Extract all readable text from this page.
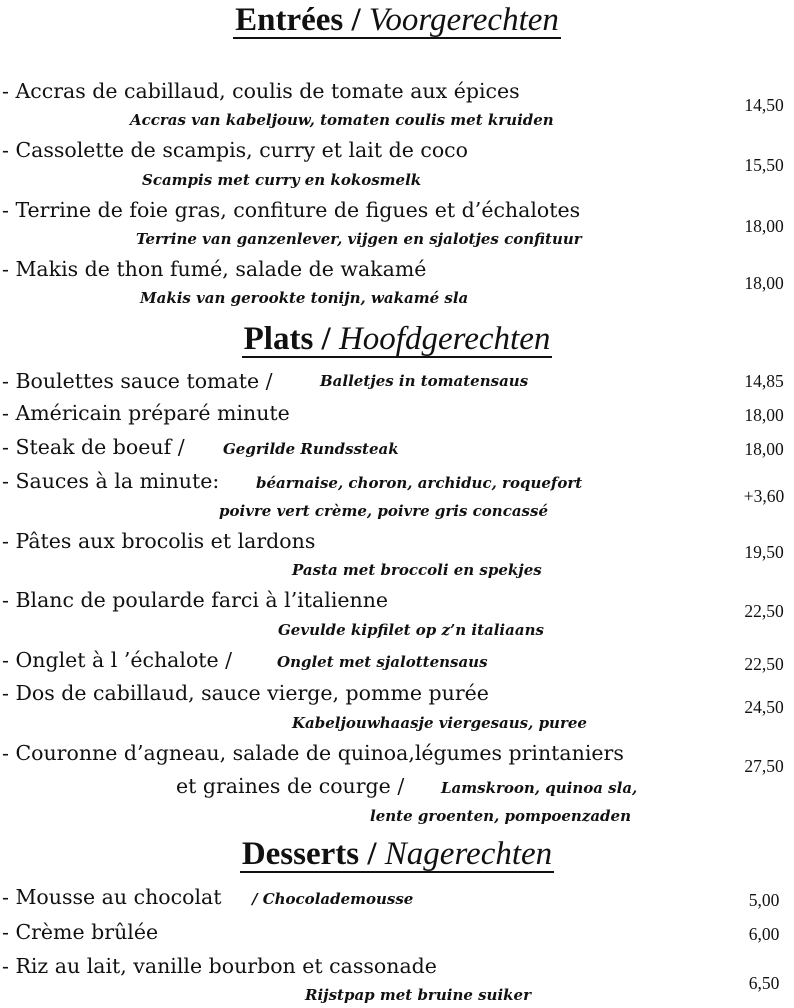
Entrées / Voorgerechten
Plats / Hoofdgerechten
Desserts / Nagerechten
- Accras de cabillaud, coulis de tomate aux épices
Accras van kabeljouw, tomaten coulis met kruiden
14,50
- Cassolette de scampis, curry et lait de coco
Scampis met curry en kokosmelk
15,50
- Terrine de foie gras, confiture de figues et d’échalotes
Terrine van ganzenlever, vijgen en sjalotjes confituur
18,00
- Makis de thon fumé, salade de wakamé
Makis van gerookte tonijn, wakamé sla
18,00
- Boulettes sauce tomate /	Balletjes in tomatensaus	14,85
- Américain préparé minute	18,00
- Steak de boeuf /	Gegrilde Rundssteak	18,00
- Sauces à la minute: béarnaise, choron, archiduc, roquefort
poivre vert crème, poivre gris concassé
+3,60
- Pâtes aux brocolis et lardons
Pasta met broccoli en spekjes
19,50
- Blanc de poularde farci à l’italienne
Gevulde kipfilet op z’n italiaans
22,50
- Onglet à l ’échalote /	Onglet met sjalottensaus	22,50
- Dos de cabillaud, sauce vierge, pomme purée
Kabeljouwhaasje viergesaus, puree
24,50
- Couronne d’agneau, salade de quinoa,légumes printaniers
et graines de courge / Lamskroon, quinoa sla,
lente groenten, pompoenzaden
27,50
- Mousse au chocolat / Chocolademousse	5,00
- Crème brûlée	6,00
- Riz au lait, vanille bourbon et cassonade
Rijstpap met bruine suiker
6,50
